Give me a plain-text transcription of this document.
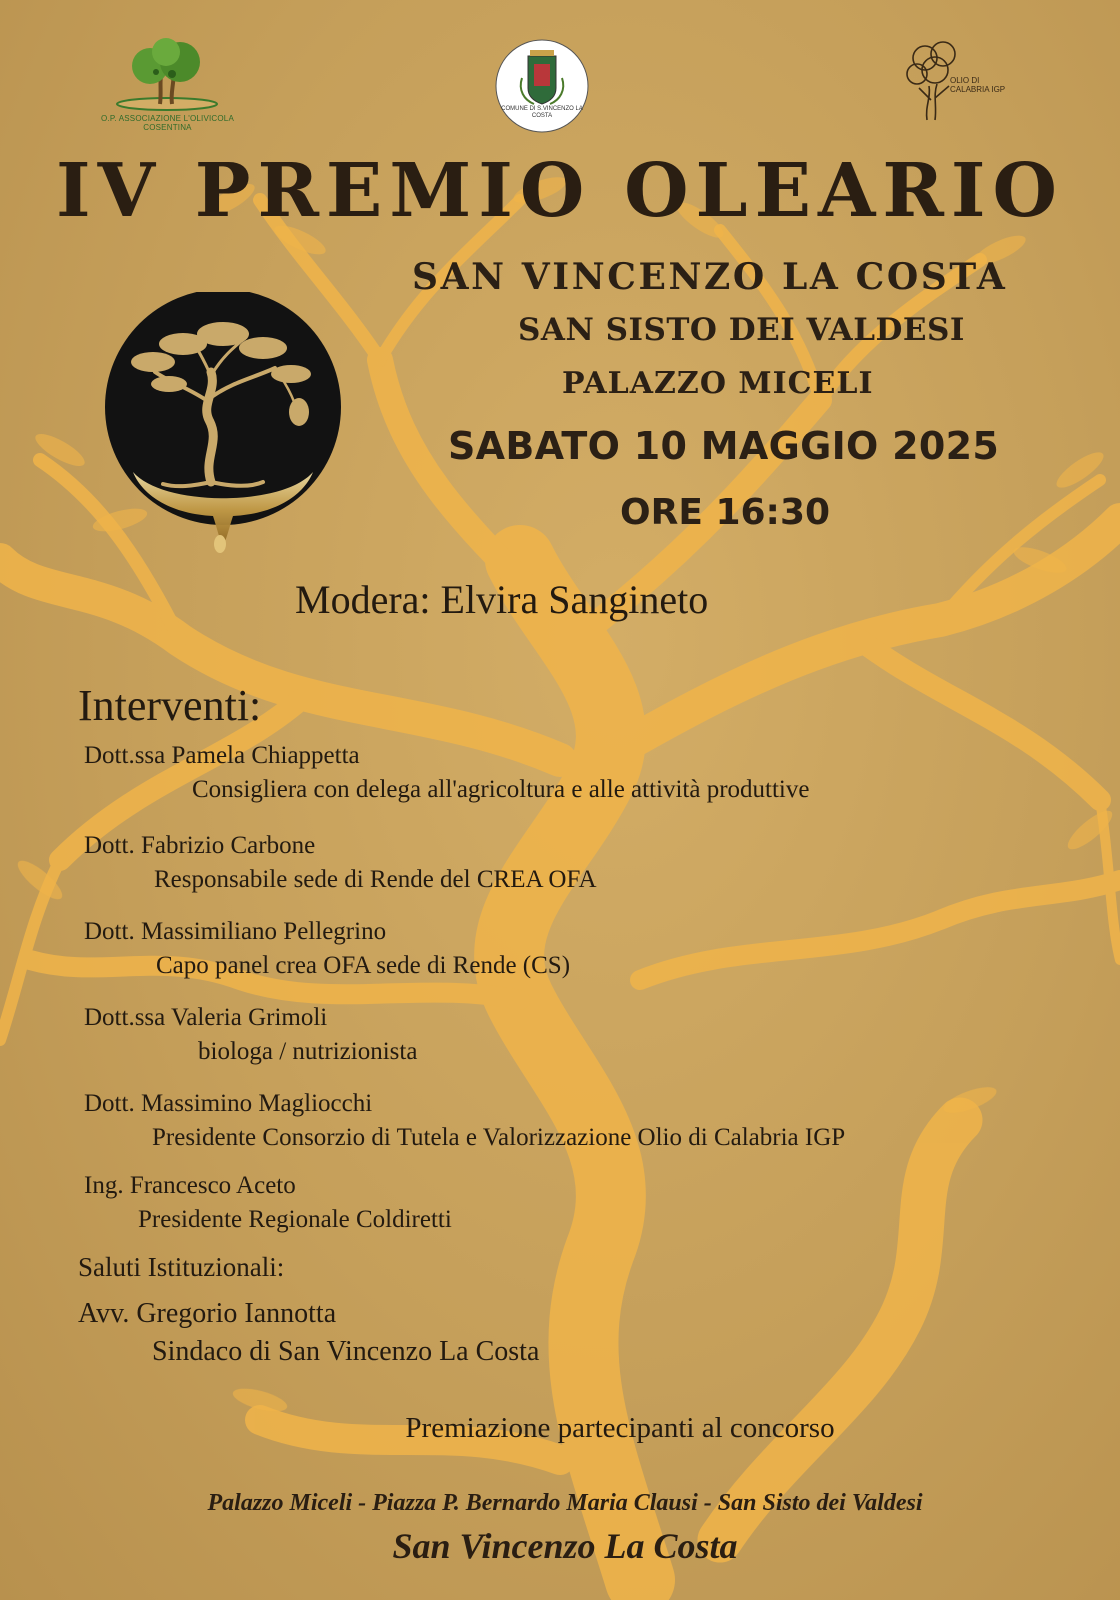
O.P. ASSOCIAZIONE L'OLIVICOLA COSENTINA
COMUNE DI S.VINCENZO LA COSTA
OLIO DI CALABRIA IGP
IV PREMIO OLEARIO
SAN VINCENZO LA COSTA
SAN SISTO DEI VALDESI
PALAZZO MICELI
SABATO 10 MAGGIO 2025
ORE 16:30
Modera: Elvira Sangineto
Interventi:
Dott.ssa Pamela Chiappetta
Consigliera con delega all'agricoltura e alle attività produttive
Dott. Fabrizio Carbone
Responsabile sede di Rende del CREA OFA
Dott. Massimiliano Pellegrino
Capo panel crea OFA sede di Rende (CS)
Dott.ssa Valeria Grimoli
biologa / nutrizionista
Dott. Massimino Magliocchi
Presidente Consorzio di Tutela e Valorizzazione Olio di Calabria IGP
Ing. Francesco Aceto
Presidente Regionale Coldiretti
Saluti Istituzionali:
Avv. Gregorio Iannotta
Sindaco di San Vincenzo La Costa
Premiazione partecipanti al concorso
Palazzo Miceli - Piazza P. Bernardo Maria Clausi - San Sisto dei Valdesi
San Vincenzo La Costa
